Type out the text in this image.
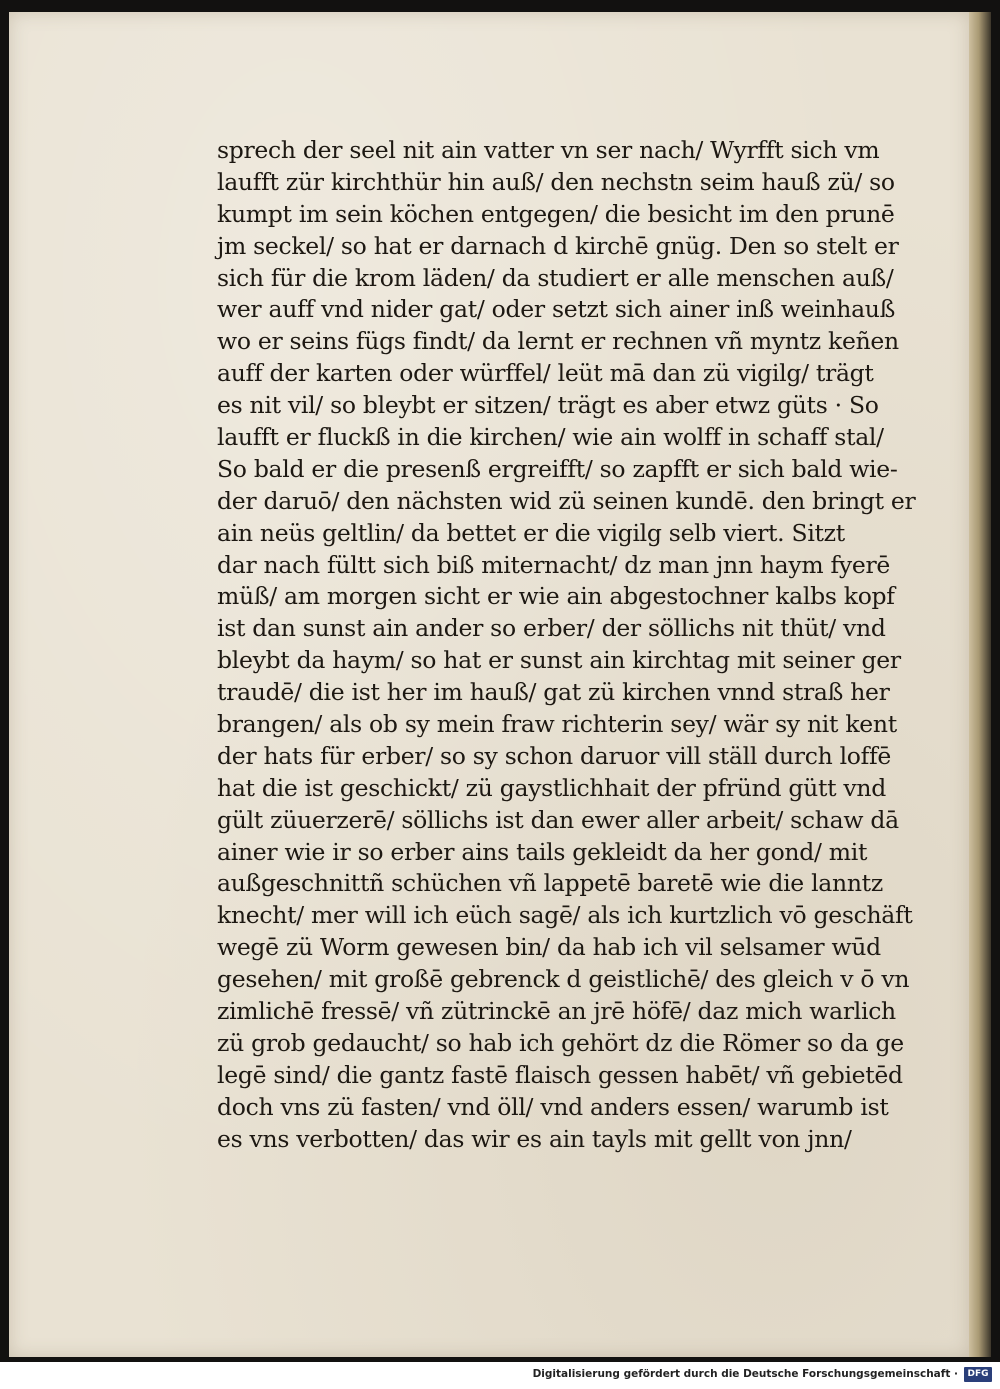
sprech der seel nit ain vatter vn ser nach/ Wyrfft sich vm
laufft zür kirchthür hin auß/ den nechstn seim hauß zü/ so
kumpt im sein köchen entgegen/ die besicht im den prunē
jm seckel/ so hat er darnach d kirchē gnüg. Den so stelt er
sich für die krom läden/ da studiert er alle menschen auß/
wer auff vnd nider gat/ oder setzt sich ainer inß weinhauß
wo er seins fügs findt/ da lernt er rechnen vñ myntz keñen
auff der karten oder würffel/ leüt mā dan zü vigilg/ trägt
es nit vil/ so bleybt er sitzen/ trägt es aber etwz güts · So
laufft er fluckß in die kirchen/ wie ain wolff in schaff stal/
So bald er die presenß ergreifft/ so zapfft er sich bald wie-
der daruō/ den nächsten wid zü seinen kundē. den bringt er
ain neüs geltlin/ da bettet er die vigilg selb viert. Sitzt
dar nach fültt sich biß miternacht/ dz man jnn haym fyerē
müß/ am morgen sicht er wie ain abgestochner kalbs kopf
ist dan sunst ain ander so erber/ der söllichs nit thüt/ vnd
bleybt da haym/ so hat er sunst ain kirchtag mit seiner ger
traudē/ die ist her im hauß/ gat zü kirchen vnnd straß her
brangen/ als ob sy mein fraw richterin sey/ wär sy nit kent
der hats für erber/ so sy schon daruor vill ställ durch loffē
hat die ist geschickt/ zü gaystlichhait der pfründ gütt vnd
gült züuerzerē/ söllichs ist dan ewer aller arbeit/ schaw dā
ainer wie ir so erber ains tails gekleidt da her gond/ mit
außgeschnittñ schüchen vñ lappetē baretē wie die lanntz
knecht/ mer will ich eüch sagē/ als ich kurtzlich vō geschäft
wegē zü Worm gewesen bin/ da hab ich vil selsamer wūd
gesehen/ mit großē gebrenck d geistlichē/ des gleich v ō vn
zimlichē fressē/ vñ zütrinckē an jrē höfē/ daz mich warlich
zü grob gedaucht/ so hab ich gehört dz die Römer so da ge
legē sind/ die gantz fastē flaisch gessen habēt/ vñ gebietēd
doch vns zü fasten/ vnd öll/ vnd anders essen/ warumb ist
es vns verbotten/ das wir es ain tayls mit gellt von jnn/
Digitalisierung gefördert durch die Deutsche Forschungsgemeinschaft ·	DFG
